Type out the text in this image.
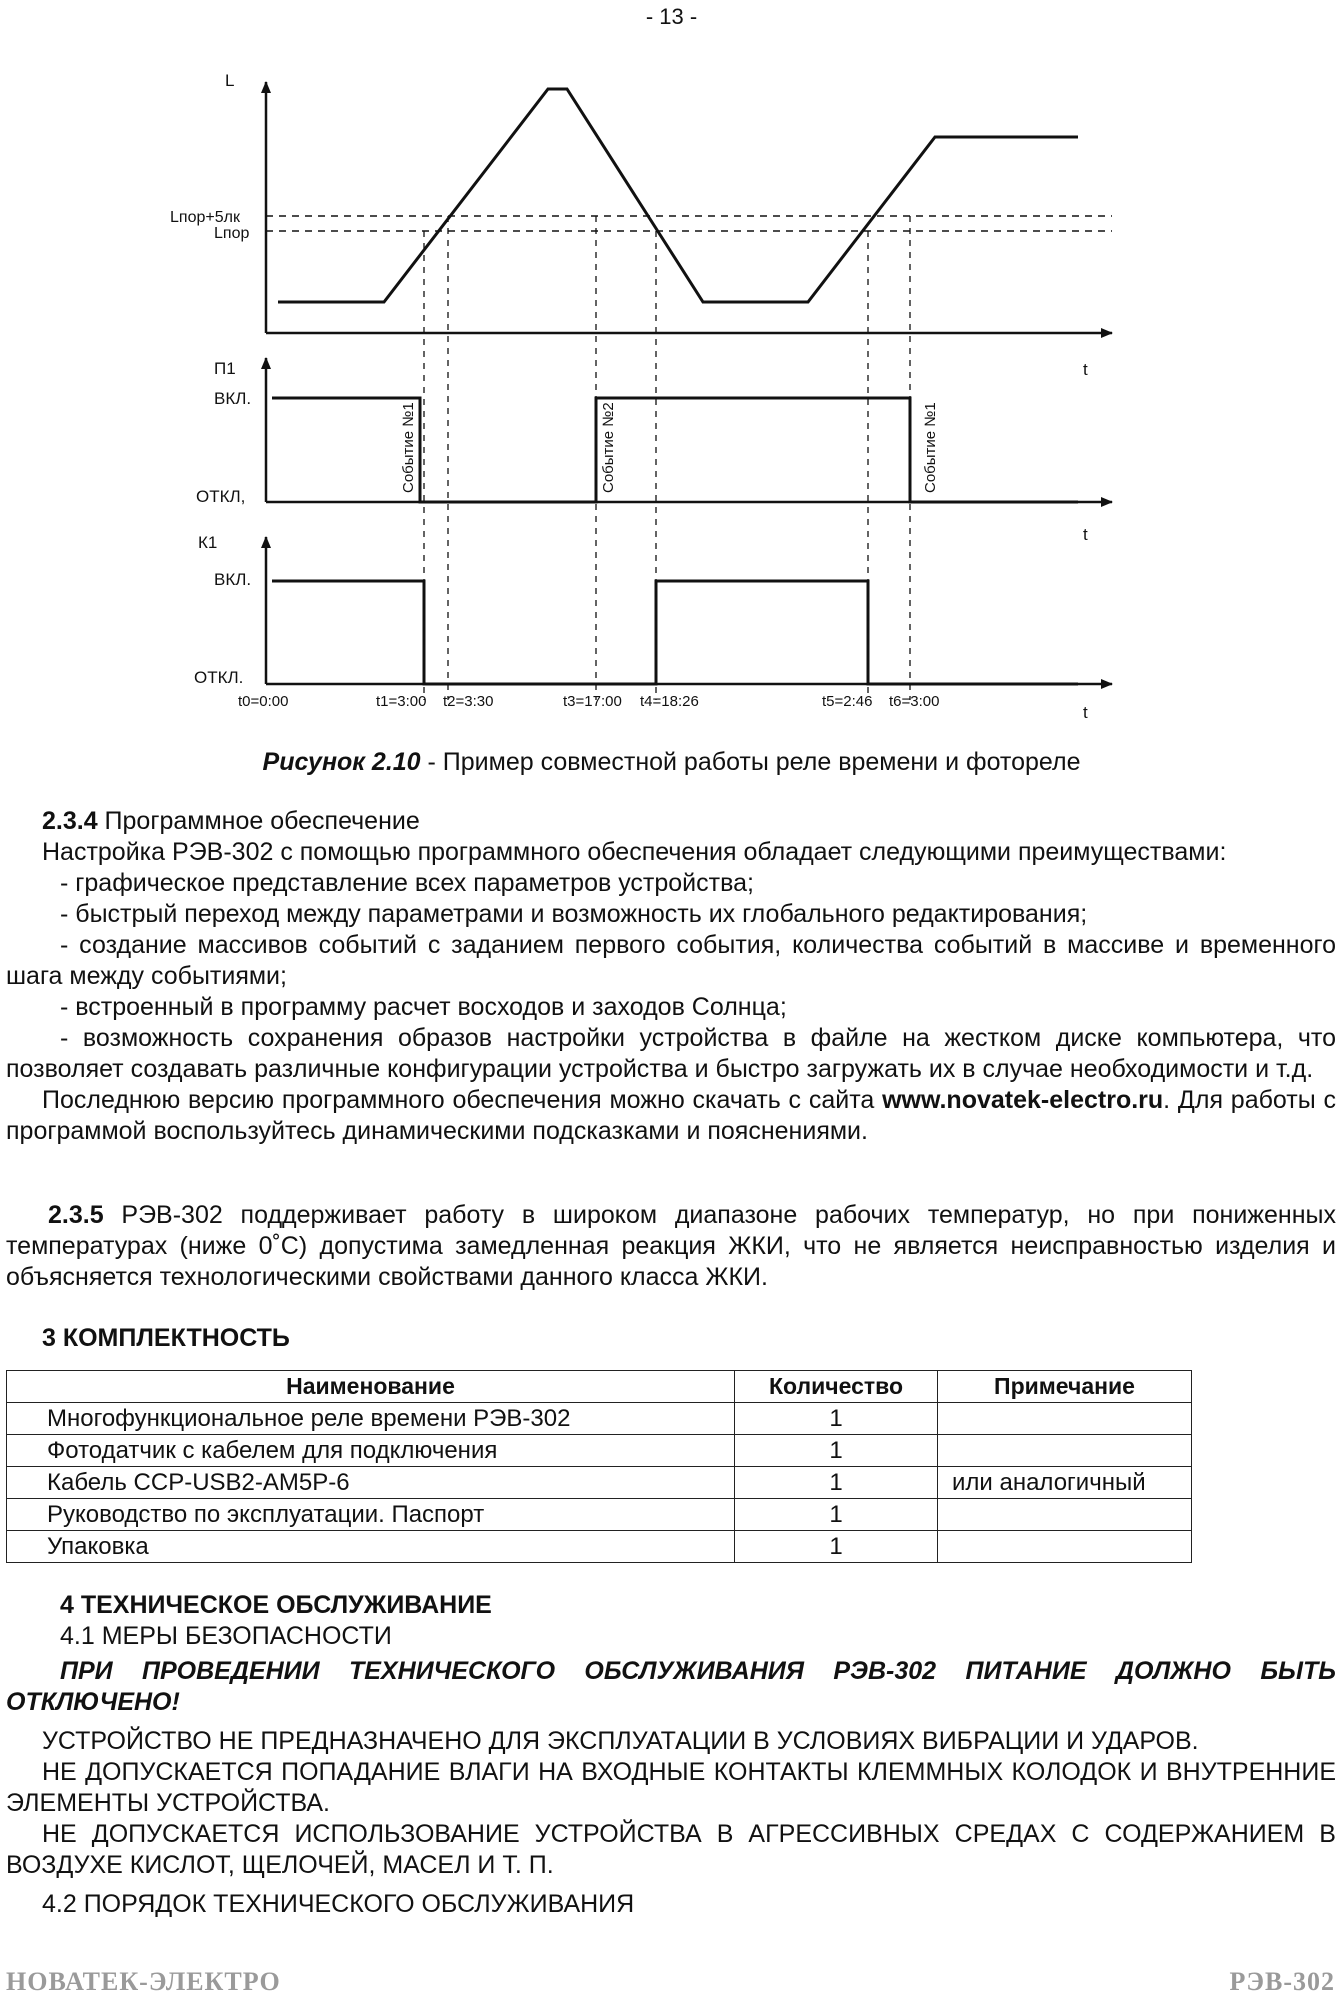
- 13 -
L
Lпор+5лк
Lпор
П1
ВКЛ.
ОТКЛ,
К1
ВКЛ.
ОТКЛ.
t
t
t
Событие №1	Событие №2	Событие №1
t0=0:00	t1=3:00 t2=3:30	t3=17:00 t4=18:26	t5=2:46 t6=3:00
Рисунок 2.10 - Пример совместной работы реле времени и фотореле

2.3.4 Программное обеспечение

Настройка РЭВ-302 с помощью программного обеспечения обладает следующими преимуществами:

- графическое представление всех параметров устройства;

- быстрый переход между параметрами и возможность их глобального редактирования;

- создание массивов событий с заданием первого события, количества событий в массиве и временного шага между событиями;

- встроенный в программу расчет восходов и заходов Солнца;

- возможность сохранения образов настройки устройства в файле на жестком диске компьютера, что позволяет создавать различные конфигурации устройства и быстро загружать их в случае необходимости и т.д.

Последнюю версию программного обеспечения можно скачать с сайта www.novatek-electro.ru. Для работы с программой воспользуйтесь динамическими подсказками и пояснениями.

2.3.5 РЭВ-302 поддерживает работу в широком диапазоне рабочих температур, но при пониженных температурах (ниже 0˚С) допустима замедленная реакция ЖКИ, что не является неисправностью изделия и объясняется технологическими свойствами данного класса ЖКИ.

3 КОМПЛЕКТНОСТЬ
Наименование	Количество	Примечание
Многофункциональное реле времени РЭВ-302	1	
Фотодатчик с кабелем для подключения	1	
Кабель CCP-USB2-AM5P-6	1	или аналогичный
Руководство по эксплуатации. Паспорт	1	
Упаковка	1	

4 ТЕХНИЧЕСКОЕ ОБСЛУЖИВАНИЕ

4.1 МЕРЫ БЕЗОПАСНОСТИ

ПРИ ПРОВЕДЕНИИ ТЕХНИЧЕСКОГО ОБСЛУЖИВАНИЯ РЭВ-302 ПИТАНИЕ ДОЛЖНО БЫТЬ ОТКЛЮЧЕНО!

УСТРОЙСТВО НЕ ПРЕДНАЗНАЧЕНО ДЛЯ ЭКСПЛУАТАЦИИ В УСЛОВИЯХ ВИБРАЦИИ И УДАРОВ.

НЕ ДОПУСКАЕТСЯ ПОПАДАНИЕ ВЛАГИ НА ВХОДНЫЕ КОНТАКТЫ КЛЕММНЫХ КОЛОДОК И ВНУТРЕННИЕ ЭЛЕМЕНТЫ УСТРОЙСТВА.

НЕ ДОПУСКАЕТСЯ ИСПОЛЬЗОВАНИЕ УСТРОЙСТВА В АГРЕССИВНЫХ СРЕДАХ С СОДЕРЖАНИЕМ В ВОЗДУХЕ КИСЛОТ, ЩЕЛОЧЕЙ, МАСЕЛ И Т. П.

4.2 ПОРЯДОК ТЕХНИЧЕСКОГО ОБСЛУЖИВАНИЯ

НОВАТЕК-ЭЛЕКТРО	РЭВ-302
